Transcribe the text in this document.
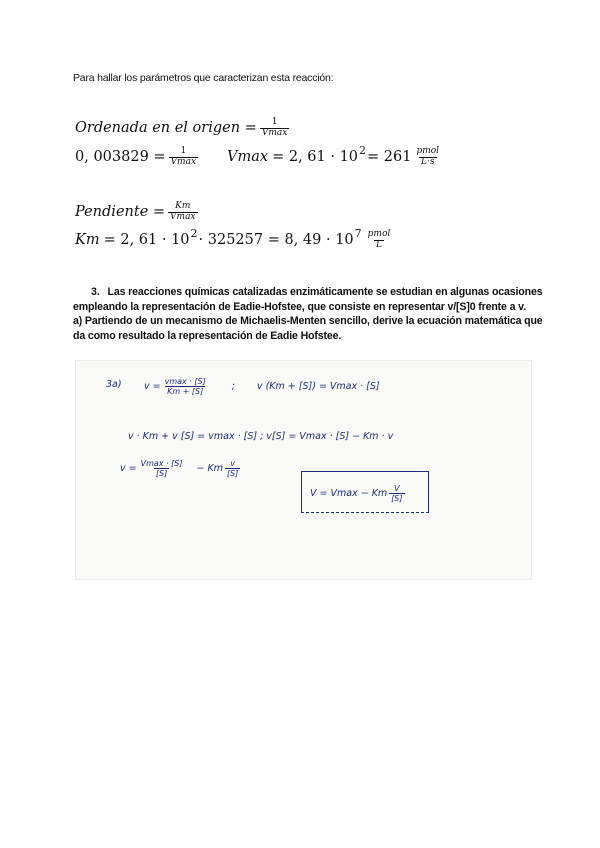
Para hallar los parámetros que caracterizan esta reacción:
Ordenada en el origen = $\frac{1}{Vmax}$
0, $003829 = \frac{1}{Vmax}$ Vmax = 2, 61 · 10 $2 = 261 \frac{\text{pmol}}{L\cdot s}$
Pendiente = $\frac{Km}{Vmax}$
Km = 2, 61 · 10 2 · 325257 = 8, 49 · 10 $7 \frac{\text{pmol}}{L}$
3. Las reacciones químicas catalizadas enzimáticamente se estudian en algunas ocasiones empleando la representación de Eadie-Hofstee, que consiste en representar v/[S]0 frente a v.
a) Partiendo de un mecanismo de Michaelis-Menten sencillo, derive la ecuación matemática que da como resultado la representación de Eadie Hofstee.
3a) $v = \frac{vmax \cdot [S]}{Km + [S]}$	; v (Km + [S]) = Vmax · [S]
v · Km + v [S] = vmax · [S] ; v[S] = Vmax · [S] − Km · v
$v = \frac{Vmax \cdot [S]}{[S]} - Km \frac{v}{[S]}$
V = Vmax − Km $\frac{V}{[S]}$
